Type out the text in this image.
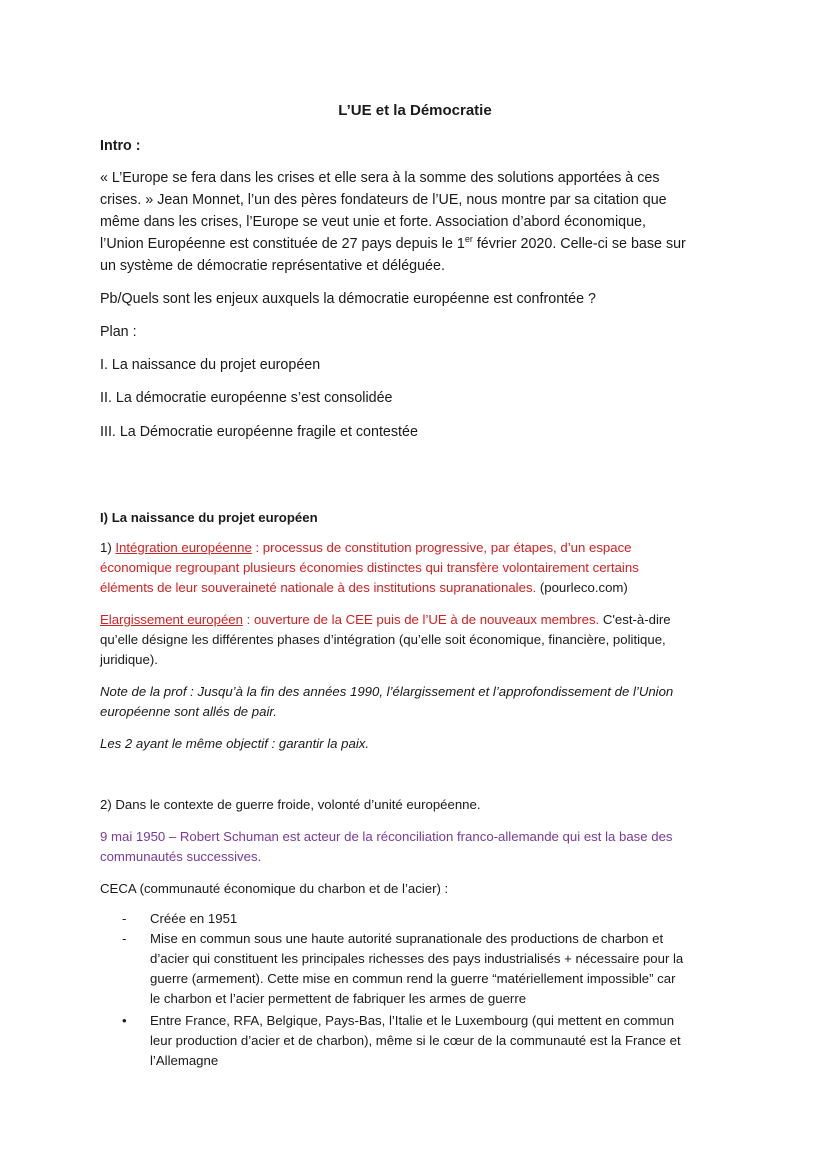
L’UE et la Démocratie
Intro :
« L’Europe se fera dans les crises et elle sera à la somme des solutions apportées à ces
crises. » Jean Monnet, l’un des pères fondateurs de l’UE, nous montre par sa citation que
même dans les crises, l’Europe se veut unie et forte. Association d’abord économique,
l’Union Européenne est constituée de 27 pays depuis le 1er février 2020. Celle-ci se base sur
un système de démocratie représentative et déléguée.
Pb/Quels sont les enjeux auxquels la démocratie européenne est confrontée ?
Plan :
I. La naissance du projet européen
II. La démocratie européenne s’est consolidée
III. La Démocratie européenne fragile et contestée
I) La naissance du projet européen
1) Intégration européenne : processus de constitution progressive, par étapes, d’un espace
économique regroupant plusieurs économies distinctes qui transfère volontairement certains
éléments de leur souveraineté nationale à des institutions supranationales. (pourleco.com)
Elargissement européen : ouverture de la CEE puis de l’UE à de nouveaux membres. C'est-à-dire
qu’elle désigne les différentes phases d’intégration (qu’elle soit économique, financière, politique,
juridique).
Note de la prof : Jusqu’à la fin des années 1990, l’élargissement et l’approfondissement de l’Union
européenne sont allés de pair.
Les 2 ayant le même objectif : garantir la paix.
2) Dans le contexte de guerre froide, volonté d’unité européenne.
9 mai 1950 – Robert Schuman est acteur de la réconciliation franco-allemande qui est la base des
communautés successives.
CECA (communauté économique du charbon et de l’acier) :
- Créée en 1951
- Mise en commun sous une haute autorité supranationale des productions de charbon et
d’acier qui constituent les principales richesses des pays industrialisés + nécessaire pour la
guerre (armement). Cette mise en commun rend la guerre “matériellement impossible” car
le charbon et l’acier permettent de fabriquer les armes de guerre
• Entre France, RFA, Belgique, Pays-Bas, l’Italie et le Luxembourg (qui mettent en commun
leur production d’acier et de charbon), même si le cœur de la communauté est la France et
l’Allemagne
